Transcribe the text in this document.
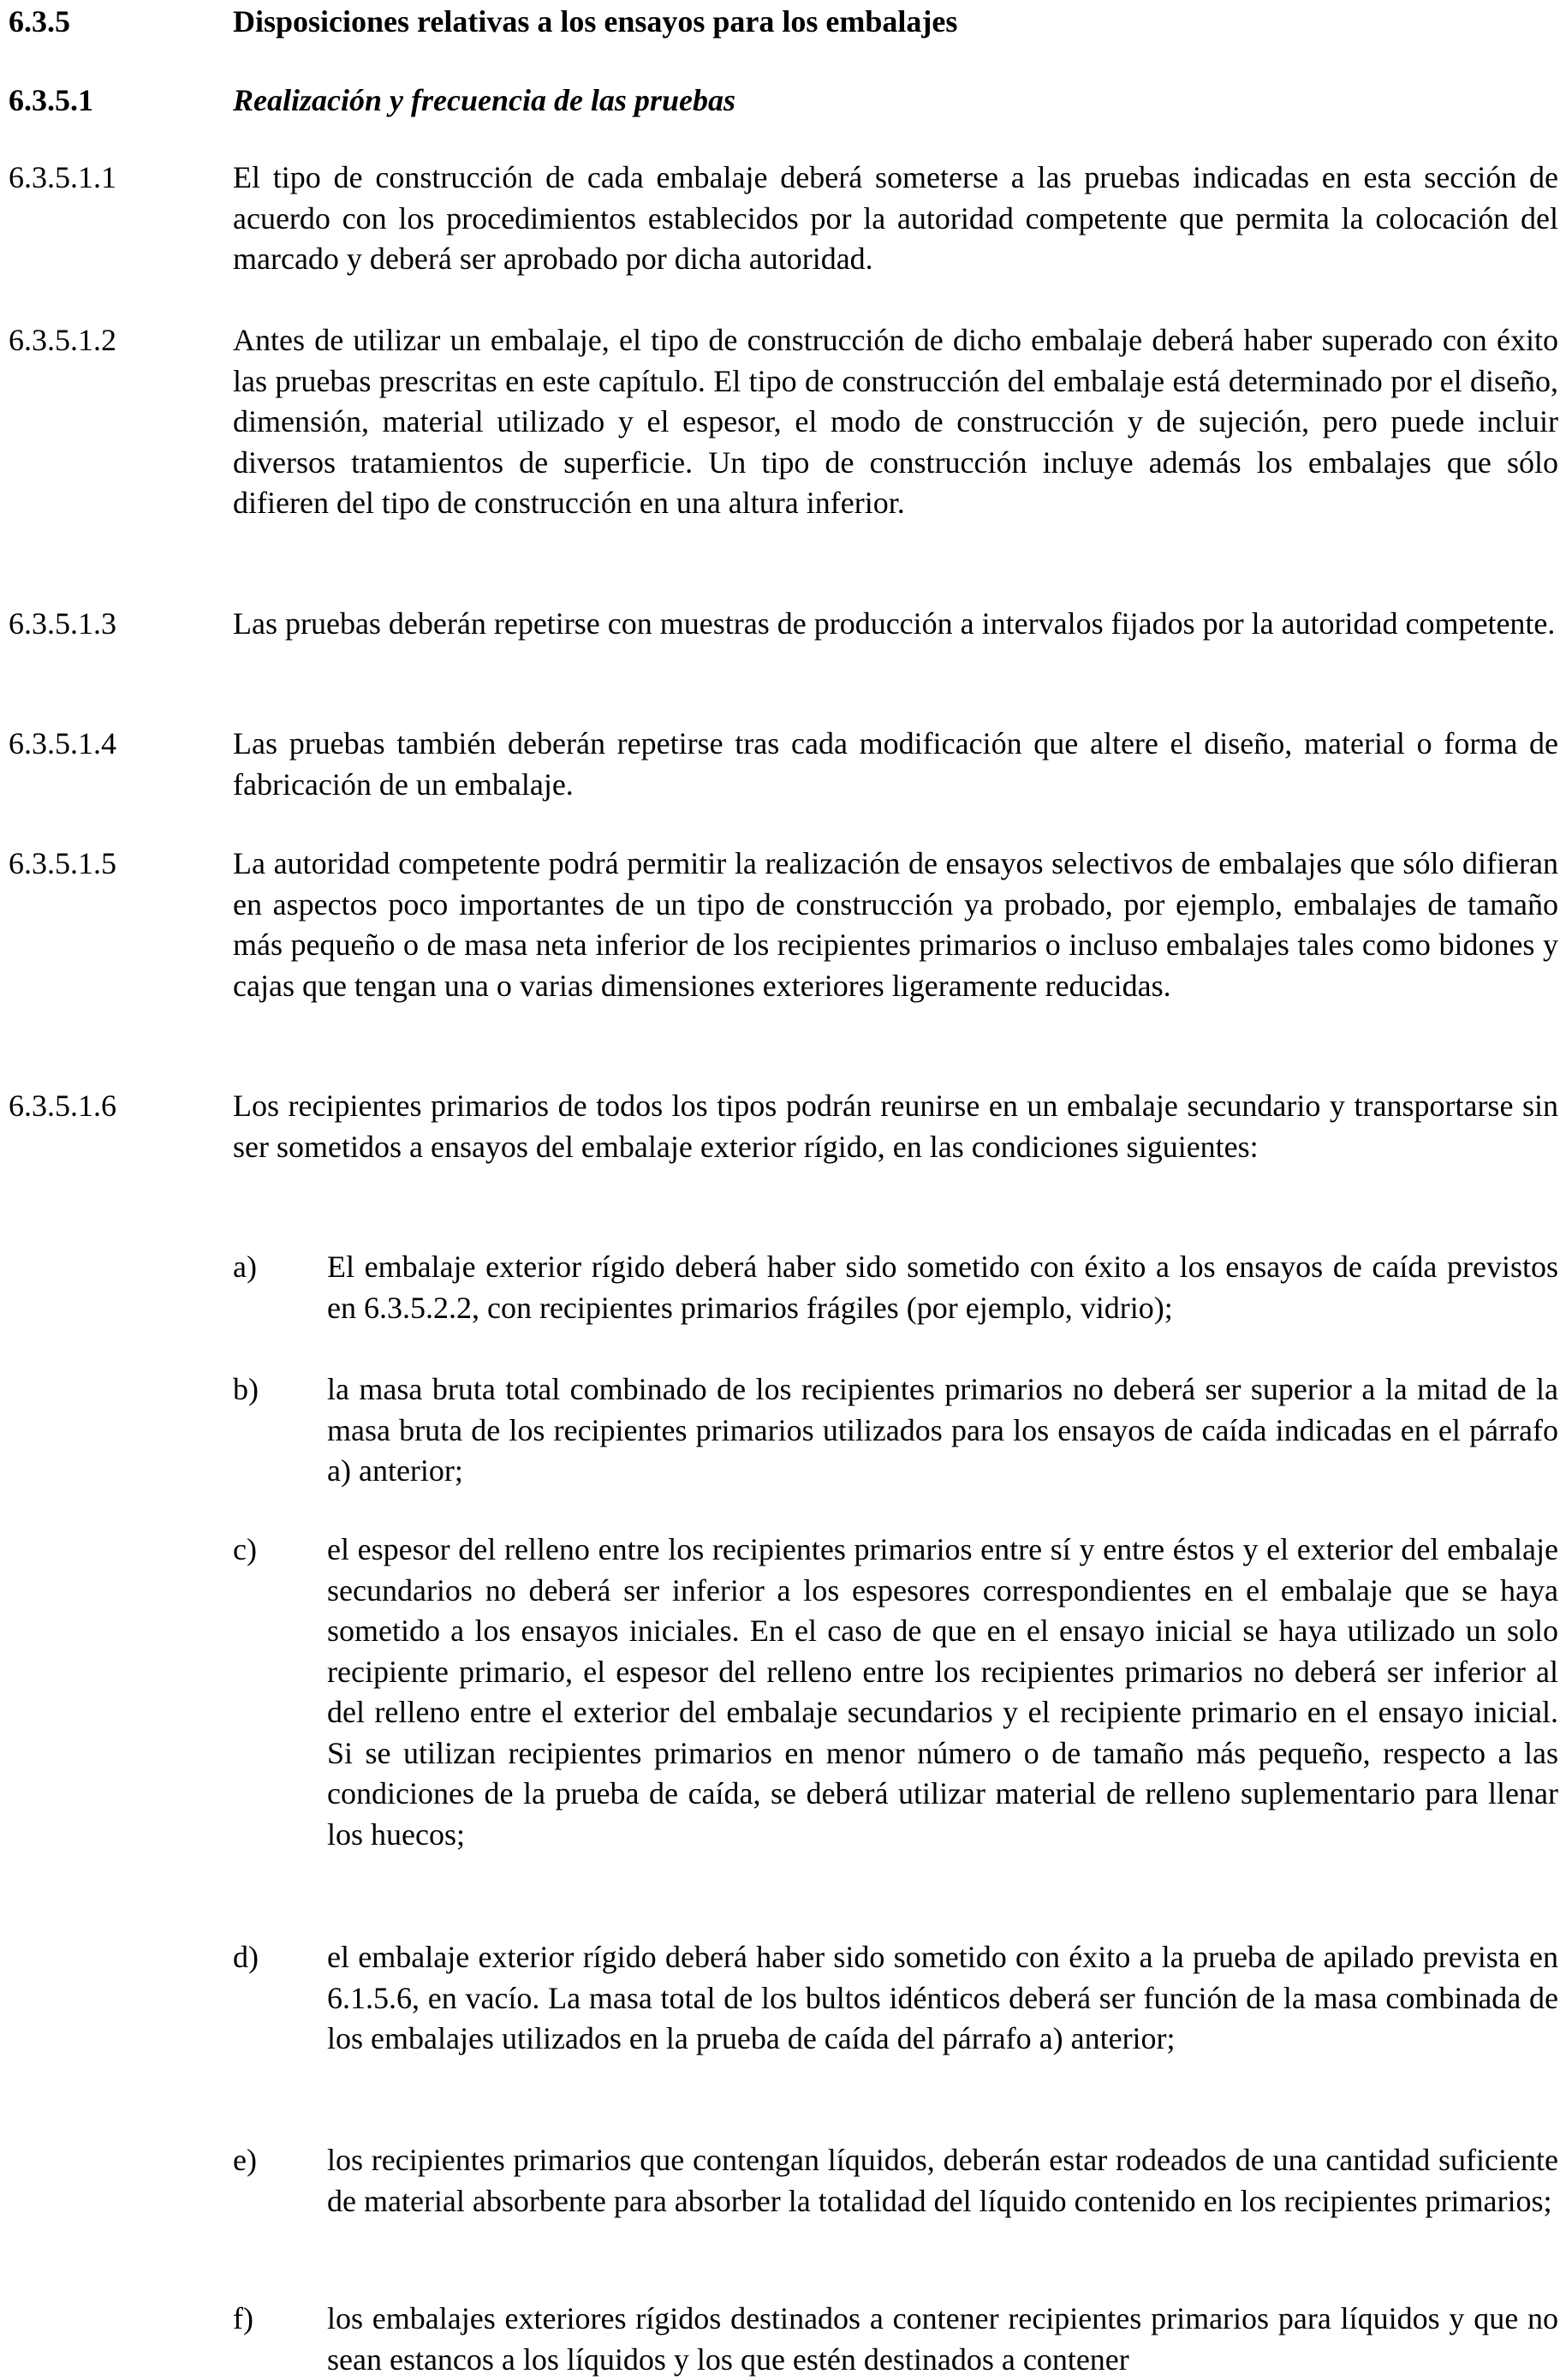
6.3.5	Disposiciones relativas a los ensayos para los embalajes
6.3.5.1	Realización y frecuencia de las pruebas
6.3.5.1.1	El tipo de construcción de cada embalaje deberá someterse a las pruebas indicadas en esta sección de acuerdo con los procedimientos establecidos por la autoridad competente que permita la colocación del marcado y deberá ser aprobado por dicha autoridad.
6.3.5.1.2	Antes de utilizar un embalaje, el tipo de construcción de dicho embalaje deberá haber superado con éxito las pruebas prescritas en este capítulo. El tipo de construcción del embalaje está determinado por el diseño, dimensión, material utilizado y el espesor, el modo de construcción y de sujeción, pero puede incluir diversos tratamientos de superficie. Un tipo de construcción incluye además los embalajes que sólo difieren del tipo de construcción en una altura inferior.
6.3.5.1.3	Las pruebas deberán repetirse con muestras de producción a intervalos fijados por la autoridad competente.
6.3.5.1.4	Las pruebas también deberán repetirse tras cada modificación que altere el diseño, material o forma de fabricación de un embalaje.
6.3.5.1.5	La autoridad competente podrá permitir la realización de ensayos selectivos de embalajes que sólo difieran en aspectos poco importantes de un tipo de construcción ya probado, por ejemplo, embalajes de tamaño más pequeño o de masa neta inferior de los recipientes primarios o incluso embalajes tales como bidones y cajas que tengan una o varias dimensiones exteriores ligeramente reducidas.
6.3.5.1.6	Los recipientes primarios de todos los tipos podrán reunirse en un embalaje secundario y transportarse sin ser sometidos a ensayos del embalaje exterior rígido, en las condiciones siguientes:
a) El embalaje exterior rígido deberá haber sido sometido con éxito a los ensayos de caída previstos en 6.3.5.2.2, con recipientes primarios frágiles (por ejemplo, vidrio);
b) la masa bruta total combinado de los recipientes primarios no deberá ser superior a la mitad de la masa bruta de los recipientes primarios utilizados para los ensayos de caída indicadas en el párrafo a) anterior;
c) el espesor del relleno entre los recipientes primarios entre sí y entre éstos y el exterior del embalaje secundarios no deberá ser inferior a los espesores correspondientes en el embalaje que se haya sometido a los ensayos iniciales. En el caso de que en el ensayo inicial se haya utilizado un solo recipiente primario, el espesor del relleno entre los recipientes primarios no deberá ser inferior al del relleno entre el exterior del embalaje secundarios y el recipiente primario en el ensayo inicial. Si se utilizan recipientes primarios en menor número o de tamaño más pequeño, respecto a las condiciones de la prueba de caída, se deberá utilizar material de relleno suplementario para llenar los huecos;
d) el embalaje exterior rígido deberá haber sido sometido con éxito a la prueba de apilado prevista en 6.1.5.6, en vacío. La masa total de los bultos idénticos deberá ser función de la masa combinada de los embalajes utilizados en la prueba de caída del párrafo a) anterior;
e) los recipientes primarios que contengan líquidos, deberán estar rodeados de una cantidad suficiente de material absorbente para absorber la totalidad del líquido contenido en los recipientes primarios;
f) los embalajes exteriores rígidos destinados a contener recipientes primarios para líquidos y que no sean estancos a los líquidos y los que estén destinados a contener
